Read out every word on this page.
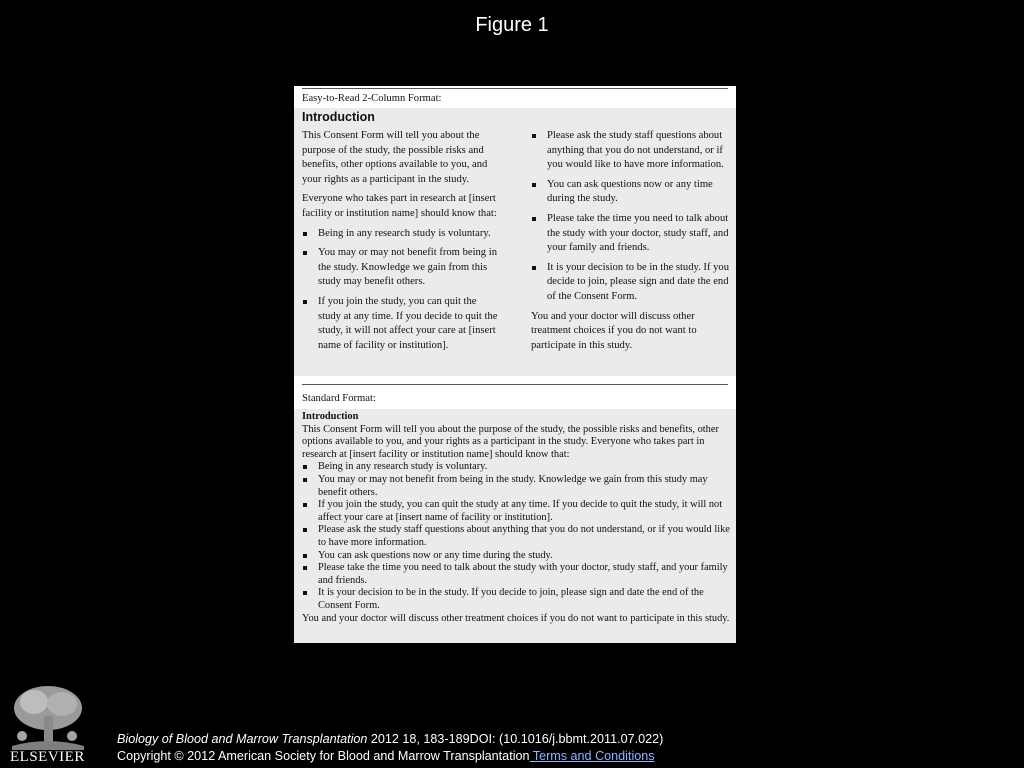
Figure 1
Easy-to-Read 2-Column Format:
Introduction

This Consent Form will tell you about the purpose of the study, the possible risks and benefits, other options available to you, and your rights as a participant in the study.

Everyone who takes part in research at [insert facility or institution name] should know that:

Being in any research study is voluntary.
You may or may not benefit from being in the study. Knowledge we gain from this study may benefit others.
If you join the study, you can quit the study at any time. If you decide to quit the study, it will not affect your care at [insert name of facility or institution].
Please ask the study staff questions about anything that you do not understand, or if you would like to have more information.
You can ask questions now or any time during the study.
Please take the time you need to talk about the study with your doctor, study staff, and your family and friends.
It is your decision to be in the study. If you decide to join, please sign and date the end of the Consent Form.

You and your doctor will discuss other treatment choices if you do not want to participate in this study.

Standard Format:

Introduction

This Consent Form will tell you about the purpose of the study, the possible risks and benefits, other options available to you, and your rights as a participant in the study. Everyone who takes part in research at [insert facility or institution name] should know that:

Being in any research study is voluntary.
You may or may not benefit from being in the study. Knowledge we gain from this study may benefit others.
If you join the study, you can quit the study at any time. If you decide to quit the study, it will not affect your care at [insert name of facility or institution].
Please ask the study staff questions about anything that you do not understand, or if you would like to have more information.
You can ask questions now or any time during the study.
Please take the time you need to talk about the study with your doctor, study staff, and your family and friends.
It is your decision to be in the study. If you decide to join, please sign and date the end of the Consent Form.

You and your doctor will discuss other treatment choices if you do not want to participate in this study.

ELSEVIER
Biology of Blood and Marrow Transplantation 2012 18, 183-189DOI: (10.1016/j.bbmt.2011.07.022)
Copyright © 2012 American Society for Blood and Marrow Transplantation Terms and Conditions
